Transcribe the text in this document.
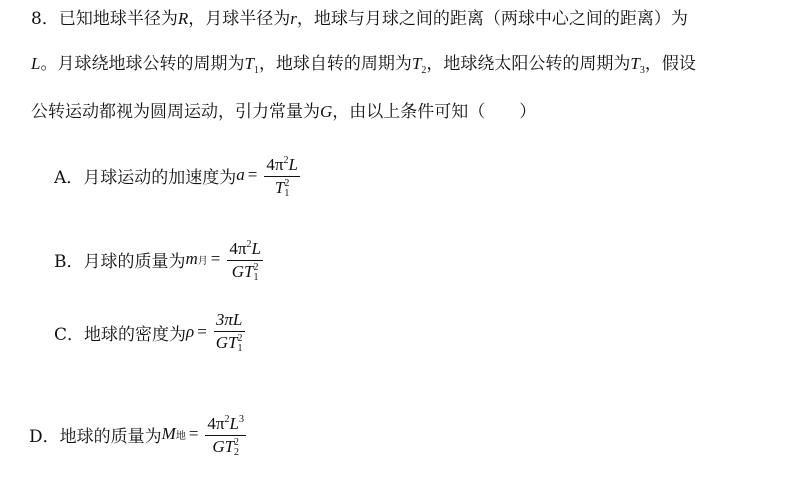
8．已知地球半径为R，月球半径为r，地球与月球之间的距离（两球中心之间的距离）为
L。月球绕地球公转的周期为$T_1$，地球自转的周期为$T_2$，地球绕太阳公转的周期为$T_3$，假设
公转运动都视为圆周运动，引力常量为G，由以上条件可知（　　）
A．月球运动的加速度为 $a = 4\pi^2L$
T 2
1
B．月球的质量为 m 月 = $4\pi^2L$
GT 2
1
C．地球的密度为 ρ = 3πL
GT 2
1
D．地球的质量为 M 地 = $4\pi^2L^3$
GT 2
2
